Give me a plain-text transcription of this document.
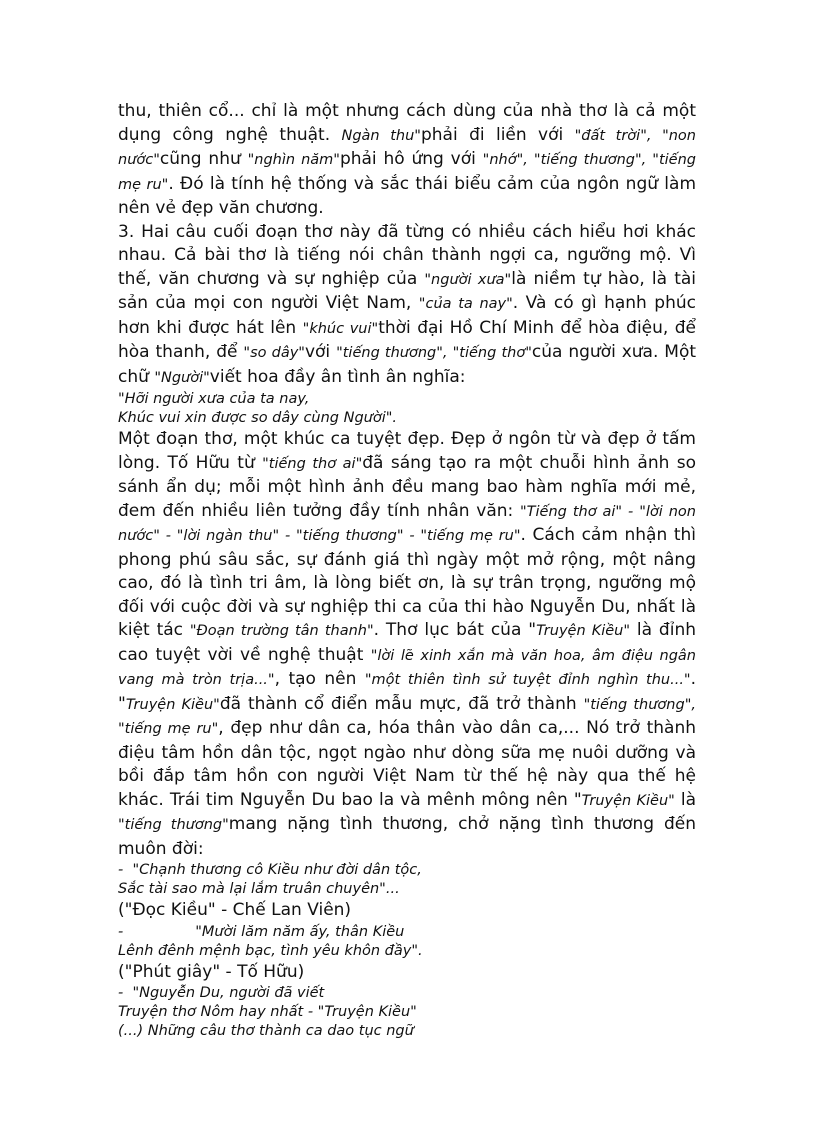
thu, thiên cổ... chỉ là một nhưng cách dùng của nhà thơ là cả một dụng công nghệ thuật. Ngàn thu"phải đi liền với "đất trời", "non nước"cũng như "nghìn năm"phải hô ứng với "nhớ", "tiếng thương", "tiếng mẹ ru". Đó là tính hệ thống và sắc thái biểu cảm của ngôn ngữ làm nên vẻ đẹp văn chương.

3. Hai câu cuối đoạn thơ này đã từng có nhiều cách hiểu hơi khác nhau. Cả bài thơ là tiếng nói chân thành ngợi ca, ngưỡng mộ. Vì thế, văn chương và sự nghiệp của "người xưa"là niềm tự hào, là tài sản của mọi con người Việt Nam, "của ta nay". Và có gì hạnh phúc hơn khi được hát lên "khúc vui"thời đại Hồ Chí Minh để hòa điệu, để hòa thanh, để "so dây"với "tiếng thương", "tiếng thơ"của người xưa. Một chữ "Người"viết hoa đầy ân tình ân nghĩa:

"Hỡi người xưa của ta nay,

Khúc vui xin được so dây cùng Người".

Một đoạn thơ, một khúc ca tuyệt đẹp. Đẹp ở ngôn từ và đẹp ở tấm lòng. Tố Hữu từ "tiếng thơ ai"đã sáng tạo ra một chuỗi hình ảnh so sánh ẩn dụ; mỗi một hình ảnh đều mang bao hàm nghĩa mới mẻ, đem đến nhiều liên tưởng đầy tính nhân văn: "Tiếng thơ ai" - "lời non nước" - "lời ngàn thu" - "tiếng thương" - "tiếng mẹ ru". Cách cảm nhận thì phong phú sâu sắc, sự đánh giá thì ngày một mở rộng, một nâng cao, đó là tình tri âm, là lòng biết ơn, là sự trân trọng, ngưỡng mộ đối với cuộc đời và sự nghiệp thi ca của thi hào Nguyễn Du, nhất là kiệt tác "Đoạn trường tân thanh". Thơ lục bát của "Truyện Kiều" là đỉnh cao tuyệt vời về nghệ thuật "lời lẽ xinh xắn mà văn hoa, âm điệu ngân vang mà tròn trịa...", tạo nên "một thiên tình sử tuyệt đỉnh nghìn thu...". "Truyện Kiều"đã thành cổ điển mẫu mực, đã trở thành "tiếng thương", "tiếng mẹ ru", đẹp như dân ca, hóa thân vào dân ca,... Nó trở thành điệu tâm hồn dân tộc, ngọt ngào như dòng sữa mẹ nuôi dưỡng và bồi đắp tâm hồn con người Việt Nam từ thế hệ này qua thế hệ khác. Trái tim Nguyễn Du bao la và mênh mông nên "Truyện Kiều" là "tiếng thương"mang nặng tình thương, chở nặng tình thương đến muôn đời:

- "Chạnh thương cô Kiều như đời dân tộc,

Sắc tài sao mà lại lắm truân chuyên"...

("Đọc Kiều" - Chế Lan Viên)

-	"Mười lăm năm ấy, thân Kiều

Lênh đênh mệnh bạc, tình yêu khôn đầy".

("Phút giây" - Tố Hữu)

- "Nguyễn Du, người đã viết

Truyện thơ Nôm hay nhất - "Truyện Kiều"

(...) Những câu thơ thành ca dao tục ngữ
